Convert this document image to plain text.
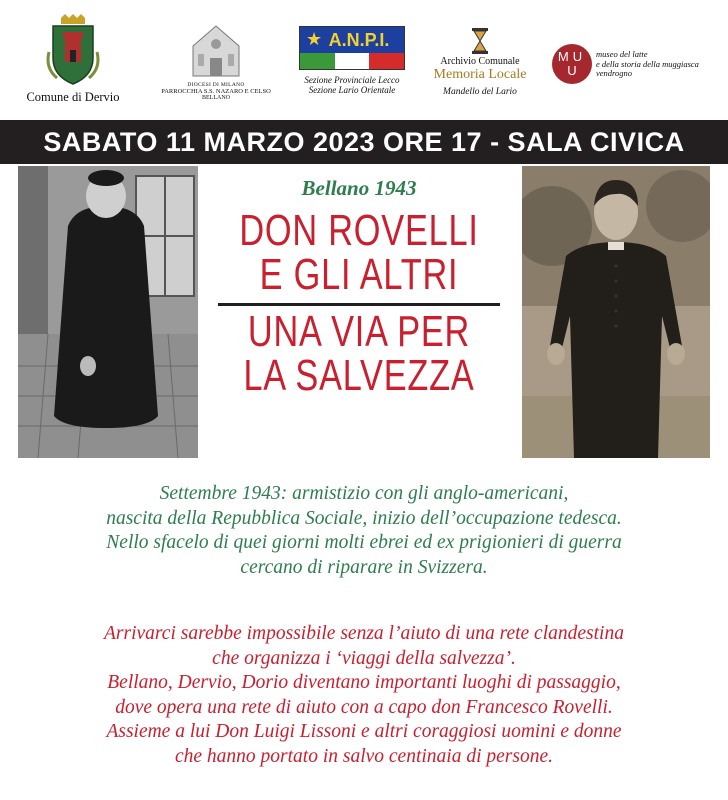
Comune di Dervio
DIOCESI DI MILANO
PARROCCHIA S.S. NAZARO E CELSO
BELLANO
★ A.N.P.I.
Sezione Provinciale Lecco
Sezione Lario Orientale
Archivio Comunale
Memoria Locale
Mandello del Lario
MU
U
museo del latte
e della storia della muggiasca
vendrogno
SABATO 11 MARZO 2023 ORE 17 - SALA CIVICA
Bellano 1943
DON ROVELLI
E GLI ALTRI
UNA VIA PER
LA SALVEZZA
Settembre 1943: armistizio con gli anglo-americani,
nascita della Repubblica Sociale, inizio dell’occupazione tedesca.
Nello sfacelo di quei giorni molti ebrei ed ex prigionieri di guerra
cercano di riparare in Svizzera.
Arrivarci sarebbe impossibile senza l’aiuto di una rete clandestina
che organizza i ‘viaggi della salvezza’.
Bellano, Dervio, Dorio diventano importanti luoghi di passaggio,
dove opera una rete di aiuto con a capo don Francesco Rovelli.
Assieme a lui Don Luigi Lissoni e altri coraggiosi uomini e donne
che hanno portato in salvo centinaia di persone.
